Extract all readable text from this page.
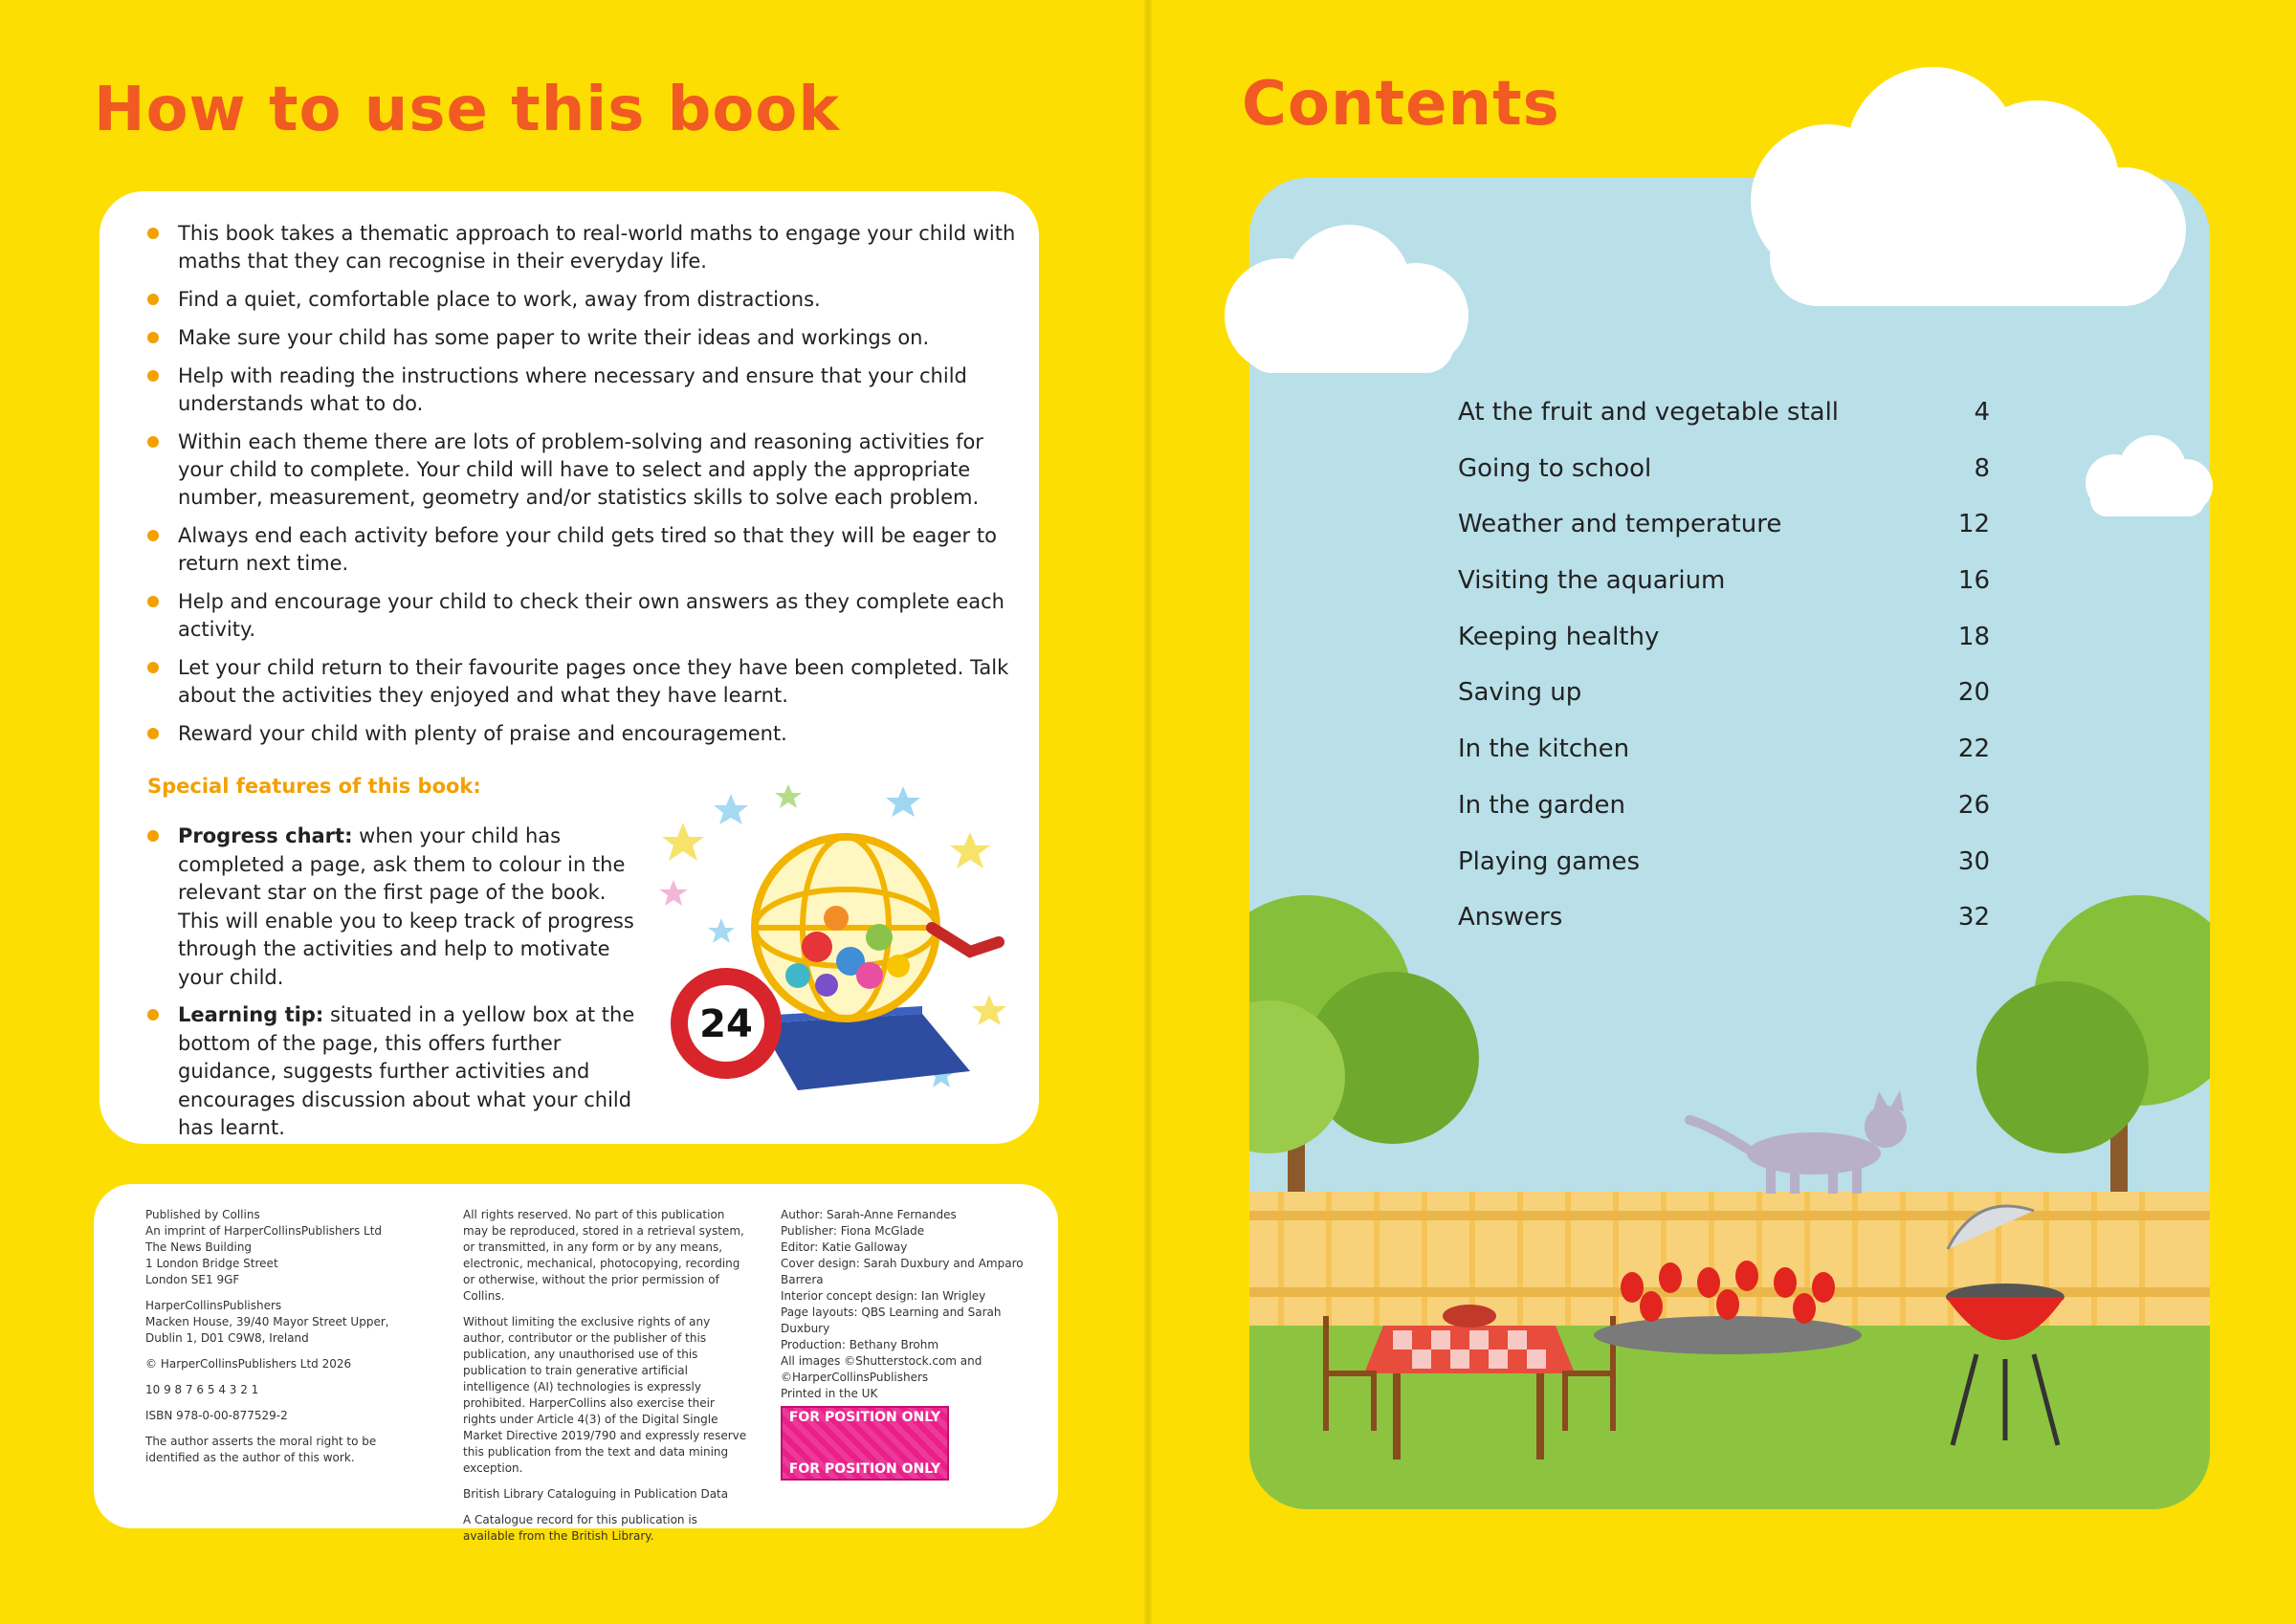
How to use this book
This book takes a thematic approach to real-world maths to engage your child with maths that they can recognise in their everyday life.
Find a quiet, comfortable place to work, away from distractions.
Make sure your child has some paper to write their ideas and workings on.
Help with reading the instructions where necessary and ensure that your child understands what to do.
Within each theme there are lots of problem-solving and reasoning activities for your child to complete. Your child will have to select and apply the appropriate number, measurement, geometry and/or statistics skills to solve each problem.
Always end each activity before your child gets tired so that they will be eager to return next time.
Help and encourage your child to check their own answers as they complete each activity.
Let your child return to their favourite pages once they have been completed. Talk about the activities they enjoyed and what they have learnt.
Reward your child with plenty of praise and encouragement.
Special features of this book:
Progress chart: when your child has completed a page, ask them to colour in the relevant star on the first page of the book. This will enable you to keep track of progress through the activities and help to motivate your child.
Learning tip: situated in a yellow box at the bottom of the page, this offers further guidance, suggests further activities and encourages discussion about what your child has learnt.
24

Published by Collins
An imprint of HarperCollinsPublishers Ltd
The News Building
1 London Bridge Street
London SE1 9GF

HarperCollinsPublishers
Macken House, 39/40 Mayor Street Upper,
Dublin 1, D01 C9W8, Ireland

© HarperCollinsPublishers Ltd 2026

10 9 8 7 6 5 4 3 2 1

ISBN 978-0-00-877529-2

The author asserts the moral right to be identified as the author of this work.

All rights reserved. No part of this publication may be reproduced, stored in a retrieval system, or transmitted, in any form or by any means, electronic, mechanical, photocopying, recording or otherwise, without the prior permission of Collins.

Without limiting the exclusive rights of any author, contributor or the publisher of this publication, any unauthorised use of this publication to train generative artificial intelligence (AI) technologies is expressly prohibited. HarperCollins also exercise their rights under Article 4(3) of the Digital Single Market Directive 2019/790 and expressly reserve this publication from the text and data mining exception.

British Library Cataloguing in Publication Data

A Catalogue record for this publication is available from the British Library.

Author: Sarah-Anne Fernandes
Publisher: Fiona McGlade
Editor: Katie Galloway
Cover design: Sarah Duxbury and Amparo Barrera
Interior concept design: Ian Wrigley
Page layouts: QBS Learning and Sarah Duxbury
Production: Bethany Brohm
All images ©Shutterstock.com and ©HarperCollinsPublishers
Printed in the UK

FOR POSITION ONLY
FOR POSITION ONLY
Contents
At the fruit and vegetable stall	4
Going to school	8
Weather and temperature	12
Visiting the aquarium	16
Keeping healthy	18
Saving up	20
In the kitchen	22
In the garden	26
Playing games	30
Answers	32
